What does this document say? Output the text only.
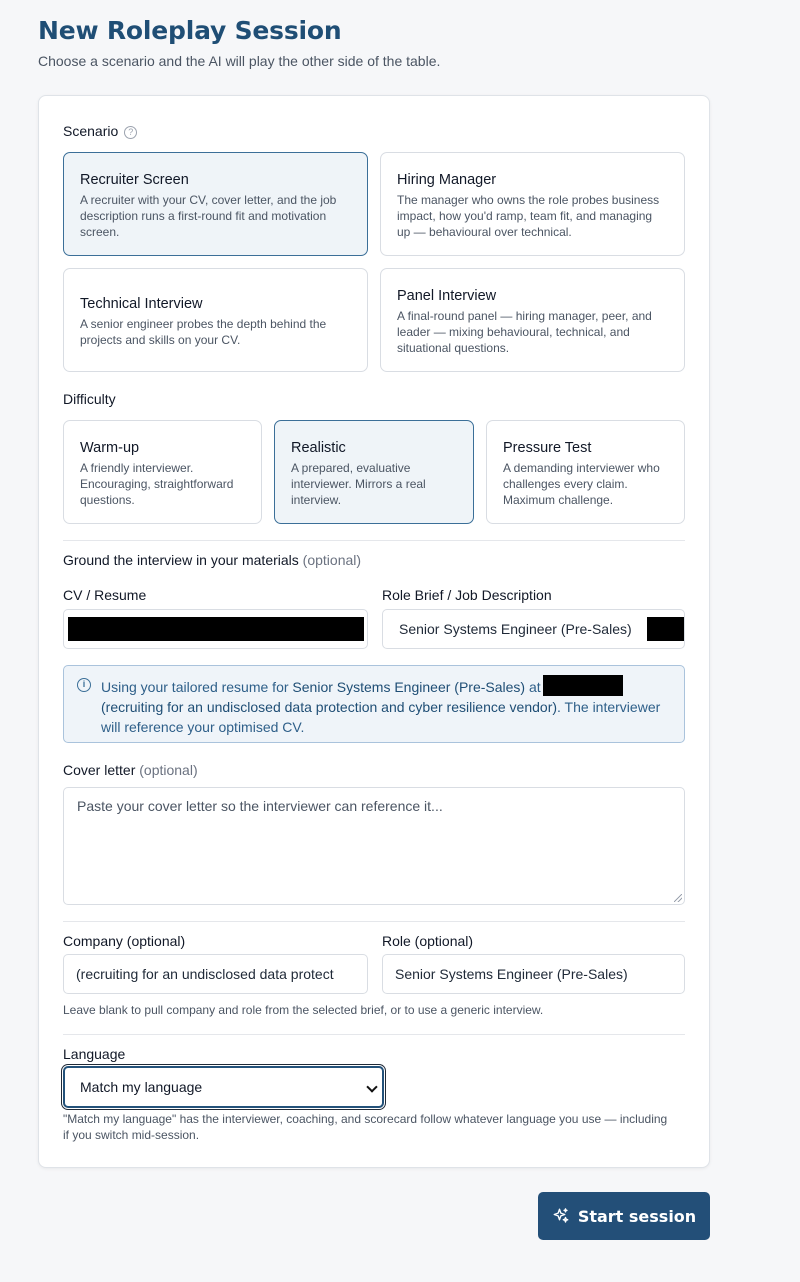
New Roleplay Session
Choose a scenario and the AI will play the other side of the table.
Scenario ?
Recruiter Screen
A recruiter with your CV, cover letter, and the job description runs a first-round fit and motivation screen.
Hiring Manager
The manager who owns the role probes business impact, how you'd ramp, team fit, and managing up — behavioural over technical.
Technical Interview
A senior engineer probes the depth behind the projects and skills on your CV.
Panel Interview
A final-round panel — hiring manager, peer, and leader — mixing behavioural, technical, and situational questions.
Difficulty
Warm-up
A friendly interviewer. Encouraging, straightforward questions.
Realistic
A prepared, evaluative interviewer. Mirrors a real interview.
Pressure Test
A demanding interviewer who challenges every claim. Maximum challenge.
Ground the interview in your materials (optional)
CV / Resume	Role Brief / Job Description
Senior Systems Engineer (Pre-Sales)
i	Using your tailored resume for Senior Systems Engineer (Pre-Sales) at (recruiting for an undisclosed data protection and cyber resilience vendor). The interviewer will reference your optimised CV.
Cover letter (optional)
Paste your cover letter so the interviewer can reference it...
Company (optional)	Role (optional)
(recruiting for an undisclosed data protect	Senior Systems Engineer (Pre-Sales)
Leave blank to pull company and role from the selected brief, or to use a generic interview.
Language
Match my language
"Match my language" has the interviewer, coaching, and scorecard follow whatever language you use — including if you switch mid-session.
Start session
